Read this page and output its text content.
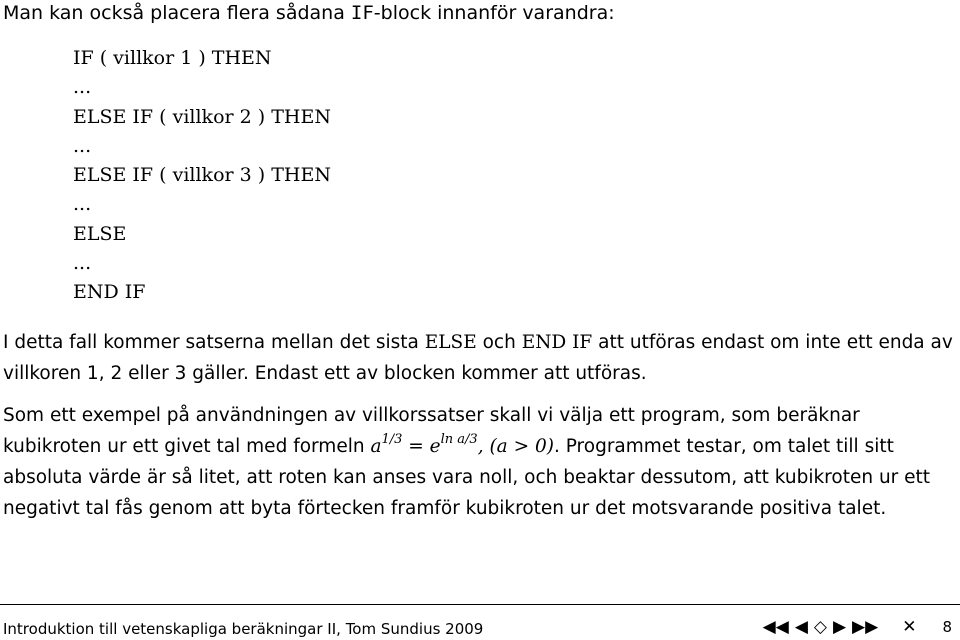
Man kan också placera flera sådana IF-block innanför varandra:
IF ( villkor 1 ) THEN
...
ELSE IF ( villkor 2 ) THEN
...
ELSE IF ( villkor 3 ) THEN
...
ELSE
...
END IF
I detta fall kommer satserna mellan det sista ELSE och END IF att utföras endast om inte ett enda av villkoren 1, 2 eller 3 gäller. Endast ett av blocken kommer att utföras.
Som ett exempel på användningen av villkorssatser skall vi välja ett program, som beräknar kubikroten ur ett givet tal med formeln $a^{1/3} = e^{ln a/3}$, (a > 0). Programmet testar, om talet till sitt absoluta värde är så litet, att roten kan anses vara noll, och beaktar dessutom, att kubikroten ur ett negativt tal fås genom att byta förtecken framför kubikroten ur det motsvarande positiva talet.
Introduktion till vetenskapliga beräkningar II, Tom Sundius 2009	◀◀ ◀ ◇ ▶ ▶▶ ✕ 8
